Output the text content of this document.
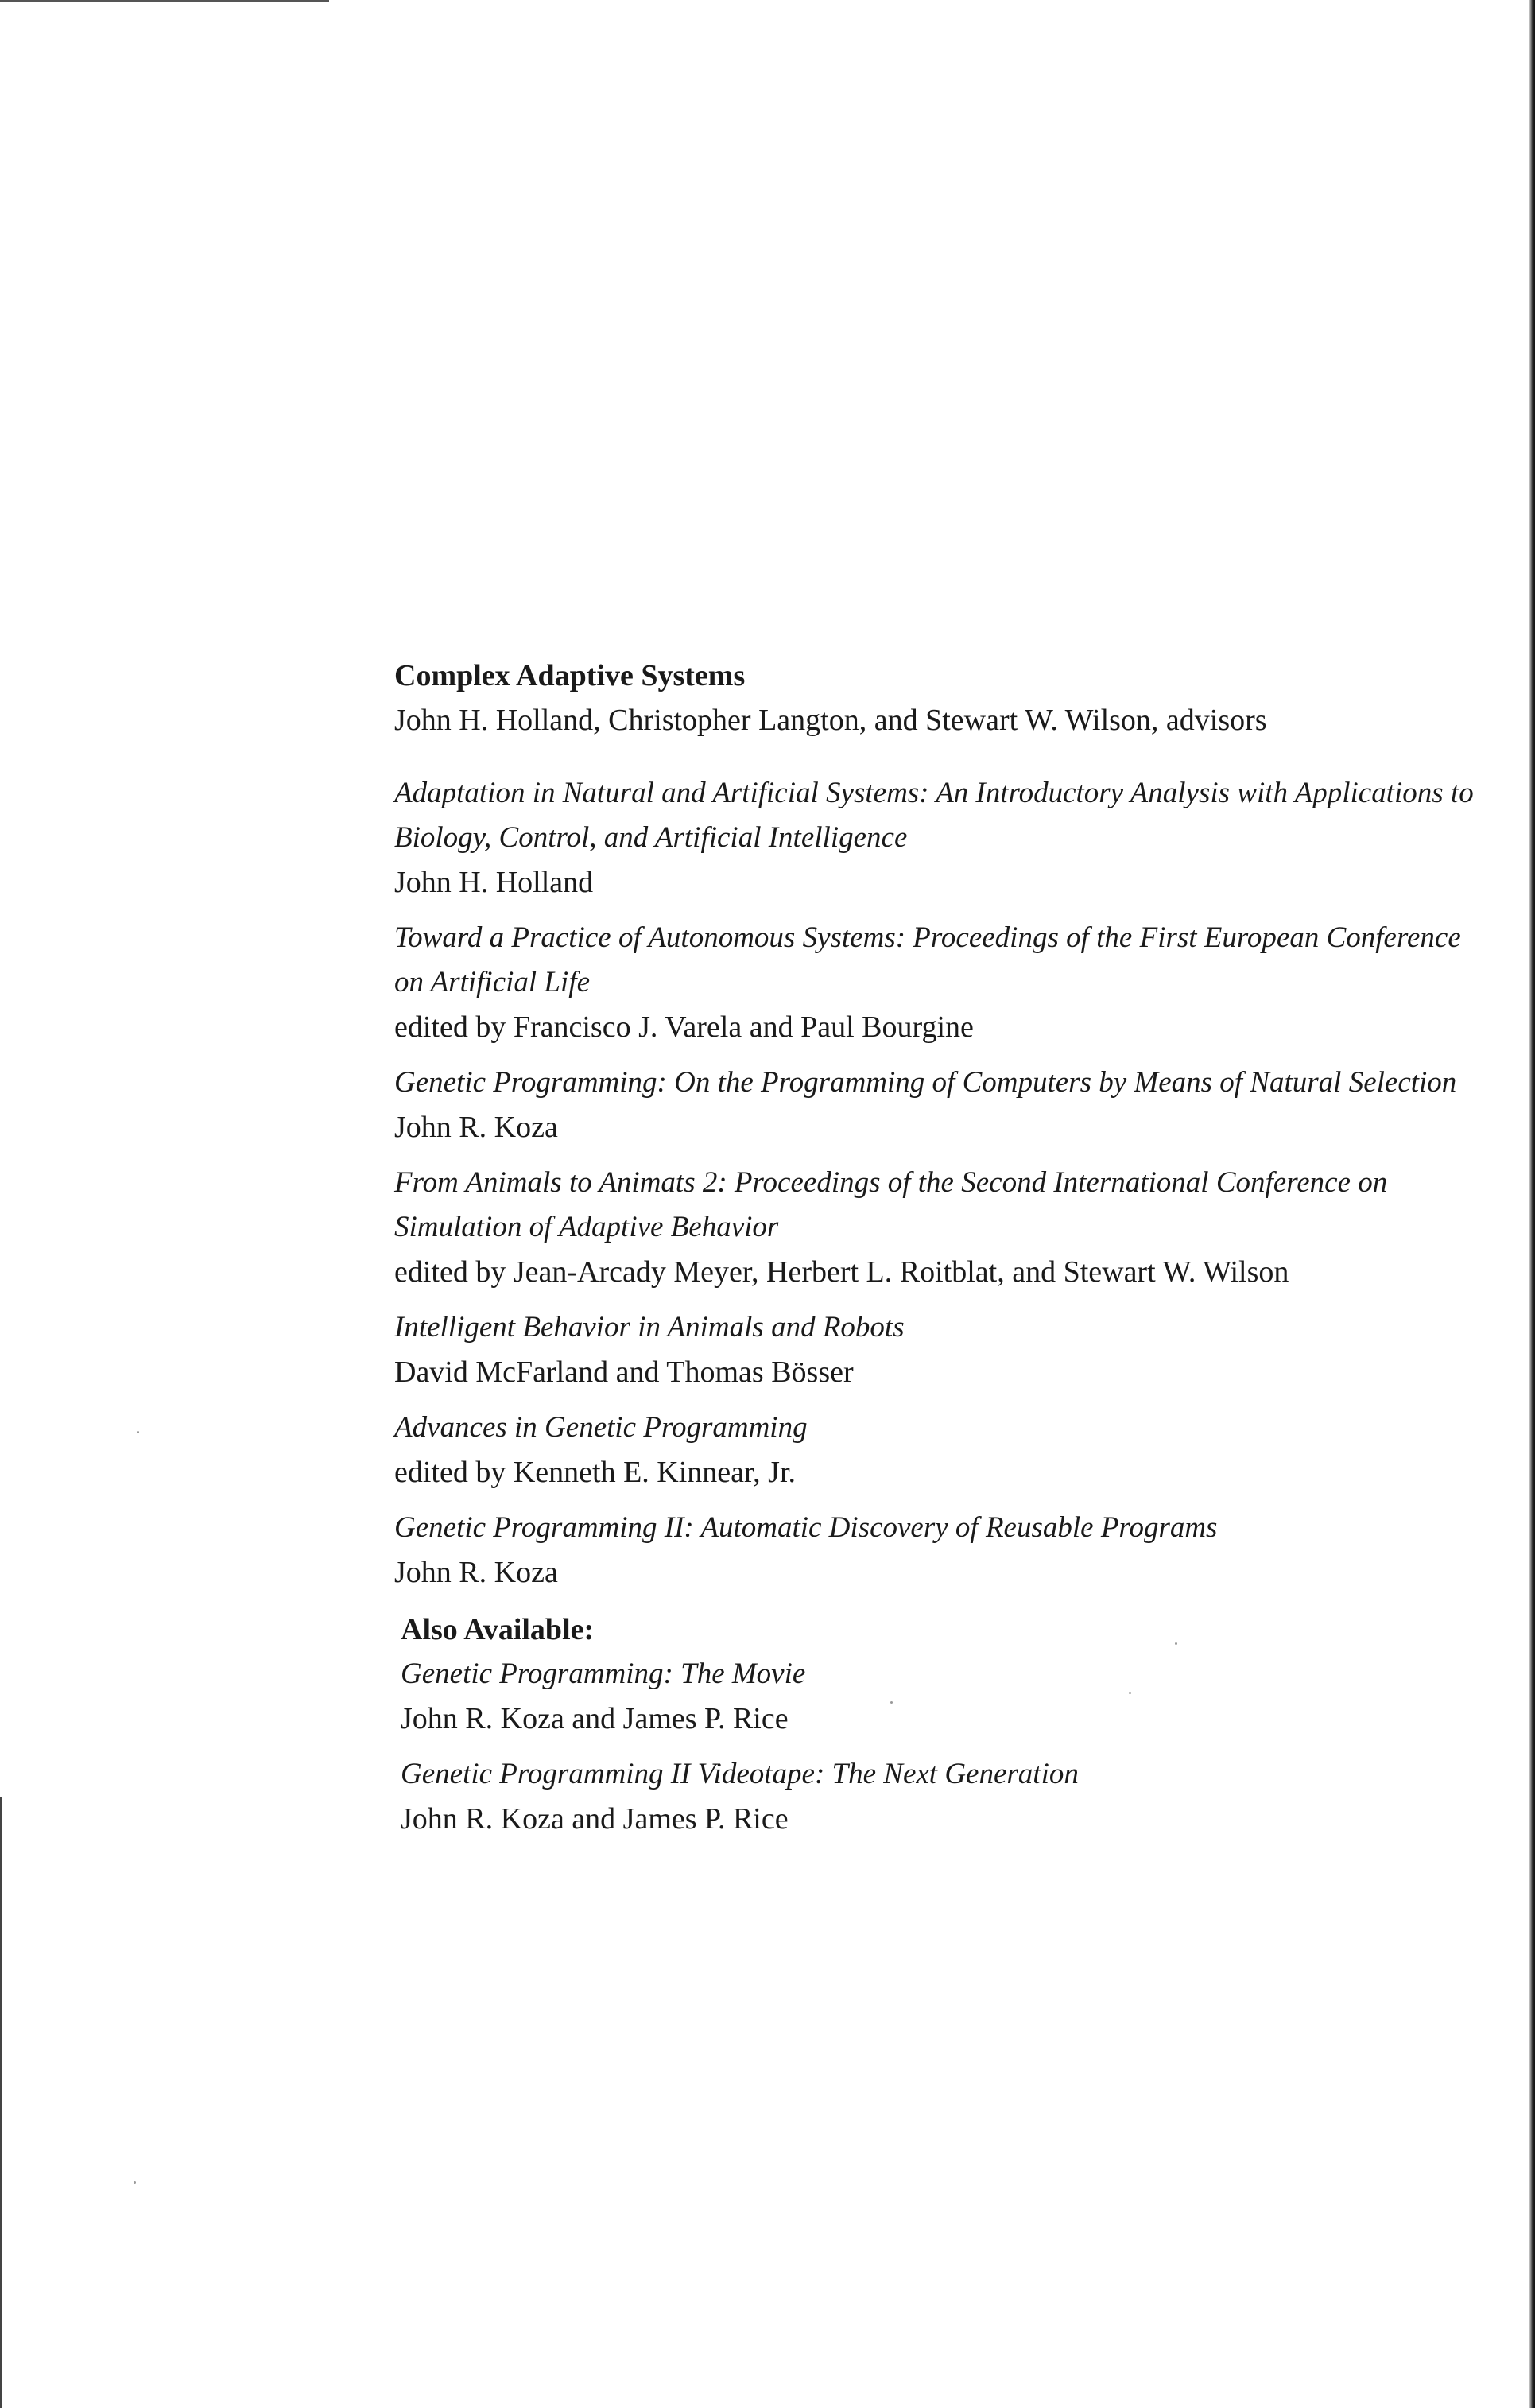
Complex Adaptive Systems
John H. Holland, Christopher Langton, and Stewart W. Wilson, advisors
Adaptation in Natural and Artificial Systems: An Introductory Analysis with Applications to Biology, Control, and Artificial Intelligence
John H. Holland
Toward a Practice of Autonomous Systems: Proceedings of the First European Conference on Artificial Life
edited by Francisco J. Varela and Paul Bourgine
Genetic Programming: On the Programming of Computers by Means of Natural Selection
John R. Koza
From Animals to Animats 2: Proceedings of the Second International Conference on Simulation of Adaptive Behavior
edited by Jean-Arcady Meyer, Herbert L. Roitblat, and Stewart W. Wilson
Intelligent Behavior in Animals and Robots
David McFarland and Thomas Bösser
Advances in Genetic Programming
edited by Kenneth E. Kinnear, Jr.
Genetic Programming II: Automatic Discovery of Reusable Programs
John R. Koza
Also Available:
Genetic Programming: The Movie
John R. Koza and James P. Rice
Genetic Programming II Videotape: The Next Generation
John R. Koza and James P. Rice
